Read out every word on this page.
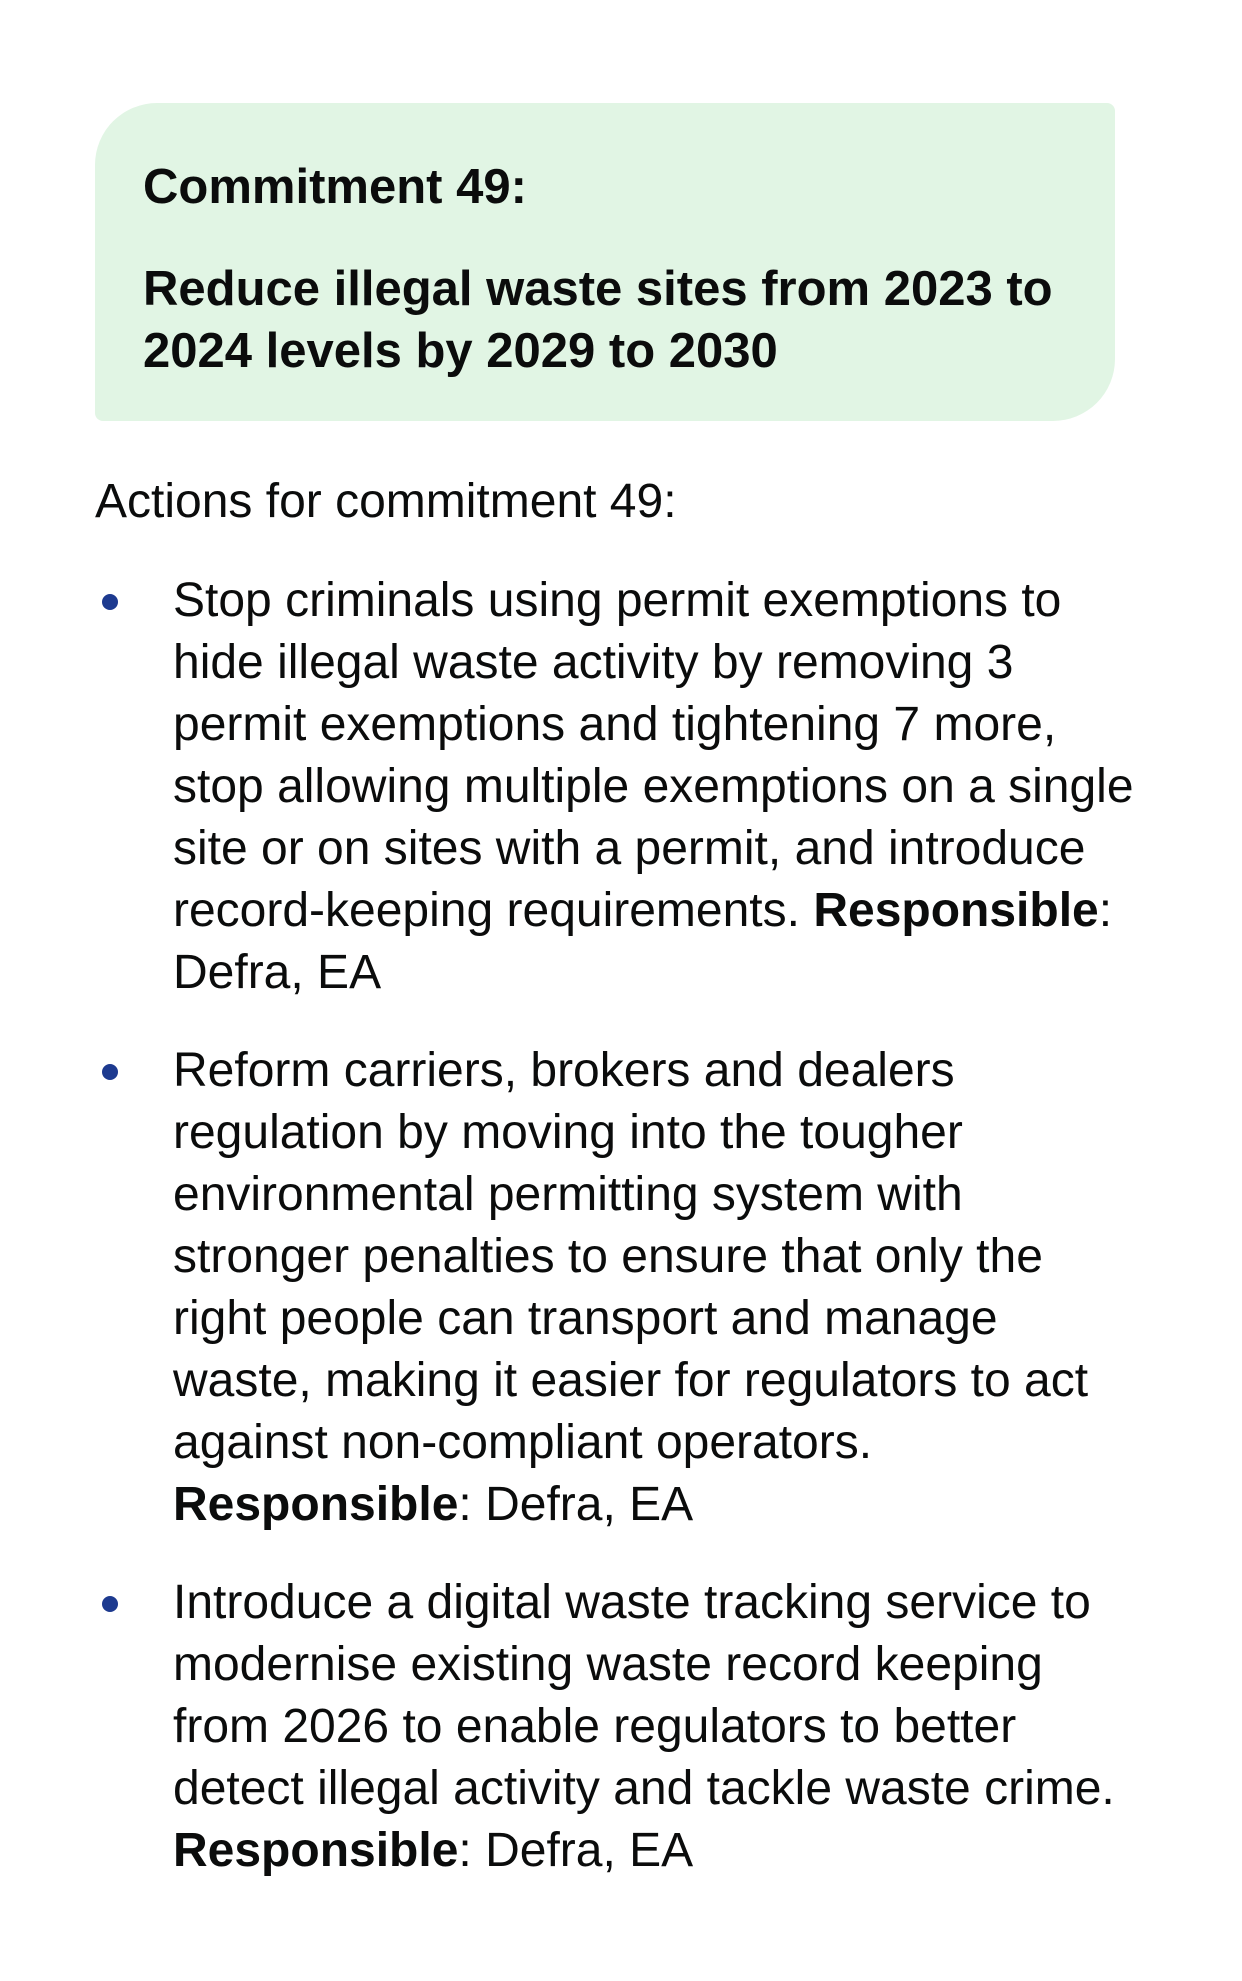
Commitment 49:

Reduce illegal waste sites from 2023 to 2024 levels by 2029 to 2030

Actions for commitment 49:

Stop criminals using permit exemptions to hide illegal waste activity by removing 3 permit exemptions and tightening 7 more, stop allowing multiple exemptions on a single site or on sites with a permit, and introduce record-keeping requirements. Responsible: Defra, EA
Reform carriers, brokers and dealers regulation by moving into the tougher environmental permitting system with stronger penalties to ensure that only the right people can transport and manage waste, making it easier for regulators to act against non-compliant operators. Responsible: Defra, EA
Introduce a digital waste tracking service to modernise existing waste record keeping from 2026 to enable regulators to better detect illegal activity and tackle waste crime.
Responsible: Defra, EA
